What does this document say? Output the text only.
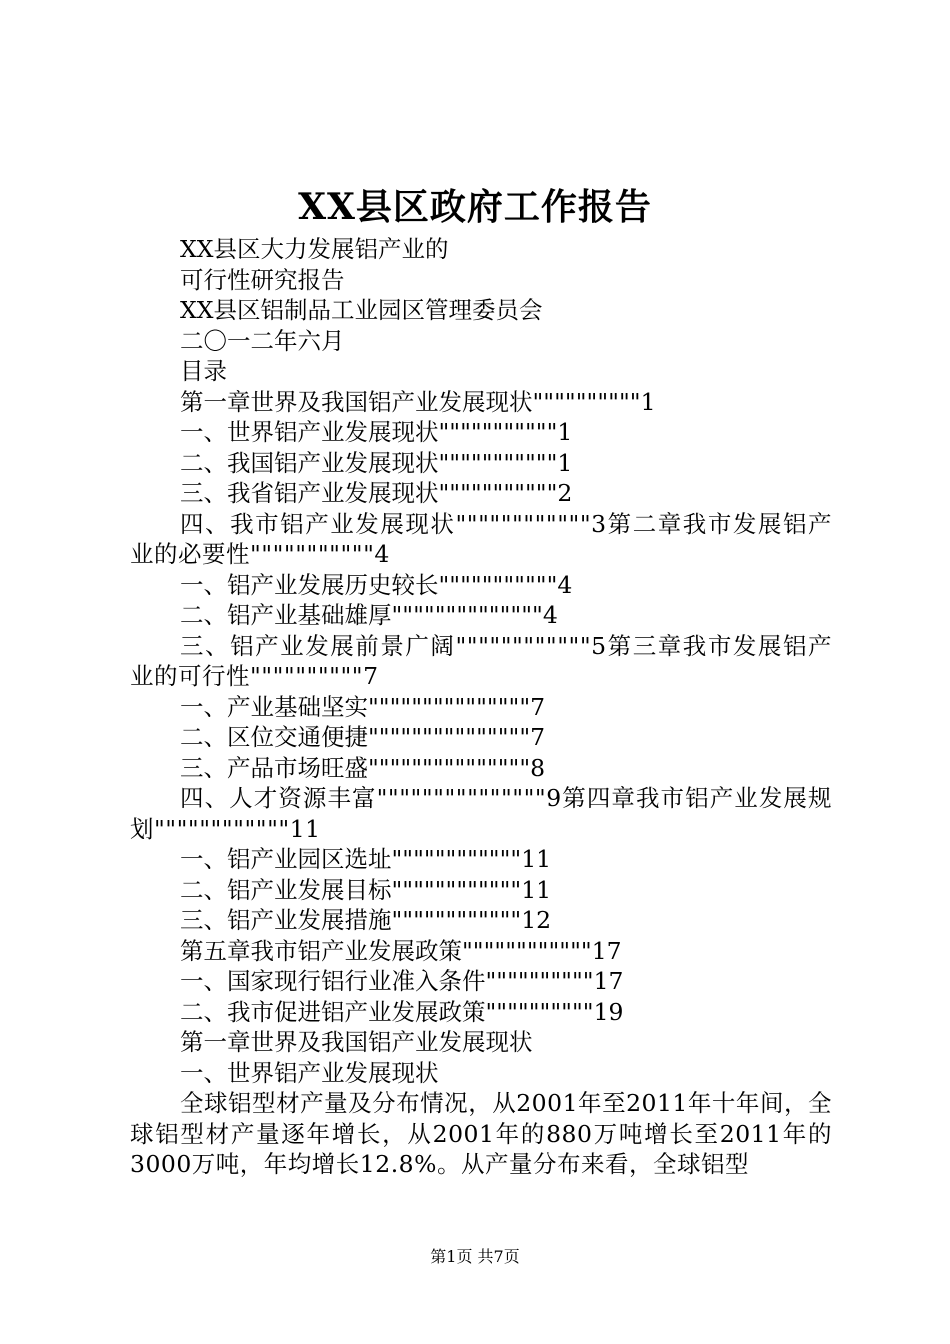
XX县区政府工作报告
XX县区大力发展铝产业的
可行性研究报告
XX县区铝制品工业园区管理委员会
二〇一二年六月
目录
第一章世界及我国铝产业发展现状""""""""""1
一、世界铝产业发展现状"""""""""""1
二、我国铝产业发展现状"""""""""""1
三、我省铝产业发展现状"""""""""""2
四、我市铝产业发展现状""""""""""""3第二章我市发展铝产业的必要性"""""""""""4
一、铝产业发展历史较长"""""""""""4
二、铝产业基础雄厚""""""""""""""4
三、铝产业发展前景广阔""""""""""""5第三章我市发展铝产业的可行性""""""""""7
一、产业基础坚实"""""""""""""""7
二、区位交通便捷"""""""""""""""7
三、产品市场旺盛"""""""""""""""8
四、人才资源丰富"""""""""""""""9第四章我市铝产业发展规划""""""""""""11
一、铝产业园区选址""""""""""""11
二、铝产业发展目标""""""""""""11
三、铝产业发展措施""""""""""""12
第五章我市铝产业发展政策""""""""""""17
一、国家现行铝行业准入条件""""""""""17
二、我市促进铝产业发展政策""""""""""19
第一章世界及我国铝产业发展现状
一、世界铝产业发展现状
全球铝型材产量及分布情况，从2001年至2011年十年间，全球铝型材产量逐年增长，从2001年的880万吨增长至2011年的3000万吨，年均增长12.8%。从产量分布来看，全球铝型
第1页 共7页
